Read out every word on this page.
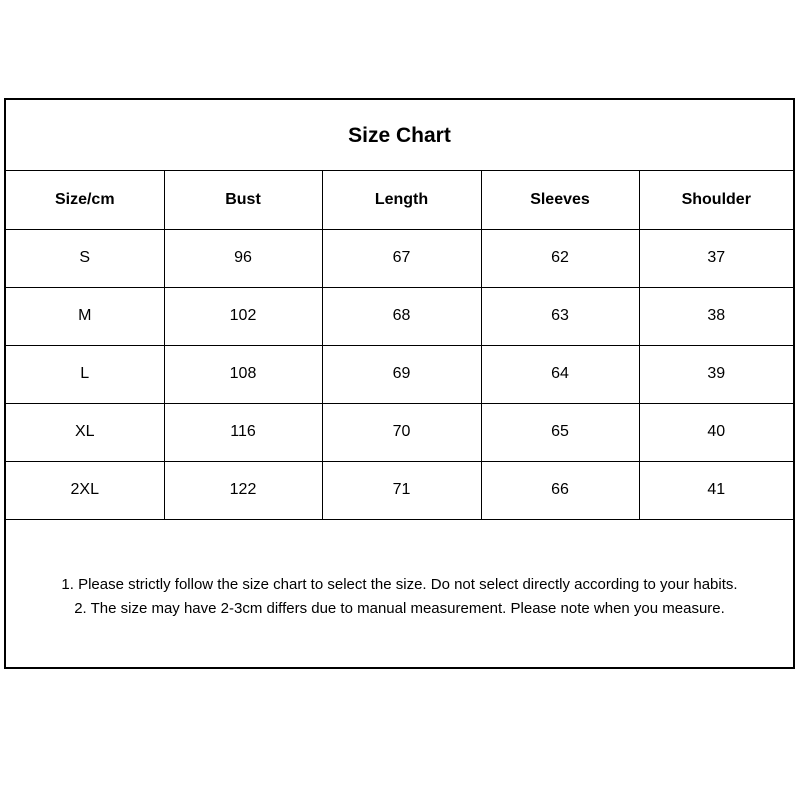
Size Chart
Size/cm	Bust	Length	Sleeves	Shoulder
S	96	67	62	37
M	102	68	63	38
L	108	69	64	39
XL	116	70	65	40
2XL	122	71	66	41

1. Please strictly follow the size chart to select the size. Do not select directly according to your habits.

2. The size may have 2-3cm differs due to manual measurement. Please note when you measure.
